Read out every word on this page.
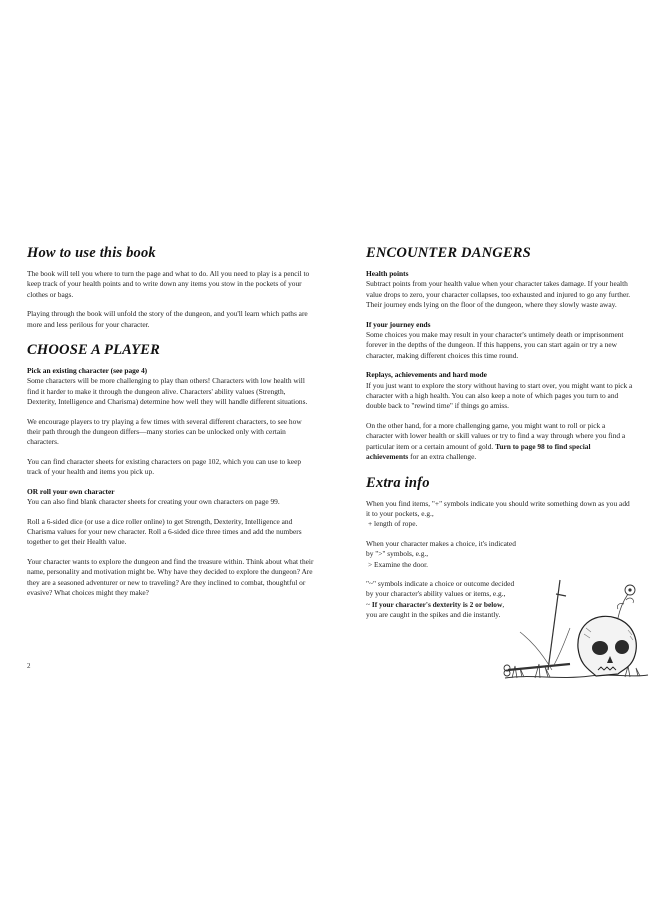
How to use this book

The book will tell you where to turn the page and what to do. All you need to play is a pencil to keep track of your health points and to write down any items you stow in the pockets of your clothes or bags.

Playing through the book will unfold the story of the dungeon, and you'll learn which paths are more and less perilous for your character.

CHOOSE A PLAYER
Pick an existing character (see page 4)

Some characters will be more challenging to play than others! Characters with low health will find it harder to make it through the dungeon alive. Characters' ability values (Strength, Dexterity, Intelligence and Charisma) determine how well they will handle different situations.

We encourage players to try playing a few times with several different characters, to see how their path through the dungeon differs—many stories can be unlocked only with certain characters.

You can find character sheets for existing characters on page 102, which you can use to keep track of your health and items you pick up.

OR roll your own character

You can also find blank character sheets for creating your own characters on page 99.

Roll a 6-sided dice (or use a dice roller online) to get Strength, Dexterity, Intelligence and Charisma values for your new character. Roll a 6-sided dice three times and add the numbers together to get their Health value.

Your character wants to explore the dungeon and find the treasure within. Think about what their name, personality and motivation might be. Why have they decided to explore the dungeon? Are they are a seasoned adventurer or new to traveling? Are they inclined to combat, thoughtful or evasive? What choices might they make?

2
ENCOUNTER DANGERS
Health points

Subtract points from your health value when your character takes damage. If your health value drops to zero, your character collapses, too exhausted and injured to go any further. Their journey ends lying on the floor of the dungeon, where they slowly waste away.

If your journey ends

Some choices you make may result in your character's untimely death or imprisonment forever in the depths of the dungeon. If this happens, you can start again or try a new character, making different choices this time round.

Replays, achievements and hard mode

If you just want to explore the story without having to start over, you might want to pick a character with a high health. You can also keep a note of which pages you turn to and double back to "rewind time" if things go amiss.

On the other hand, for a more challenging game, you might want to roll or pick a character with lower health or skill values or try to find a way through where you find a particular item or a certain amount of gold. Turn to page 98 to find special achievements for an extra challenge.

Extra info

When you find items, "+" symbols indicate you should write something down as you add it to your pockets, e.g.,
+ length of rope.

When your character makes a choice, it's indicated by ">" symbols, e.g.,
> Examine the door.

"~" symbols indicate a choice or outcome decided by your character's ability values or items, e.g.,
~ If your character's dexterity is 2 or below, you are caught in the spikes and die instantly.
